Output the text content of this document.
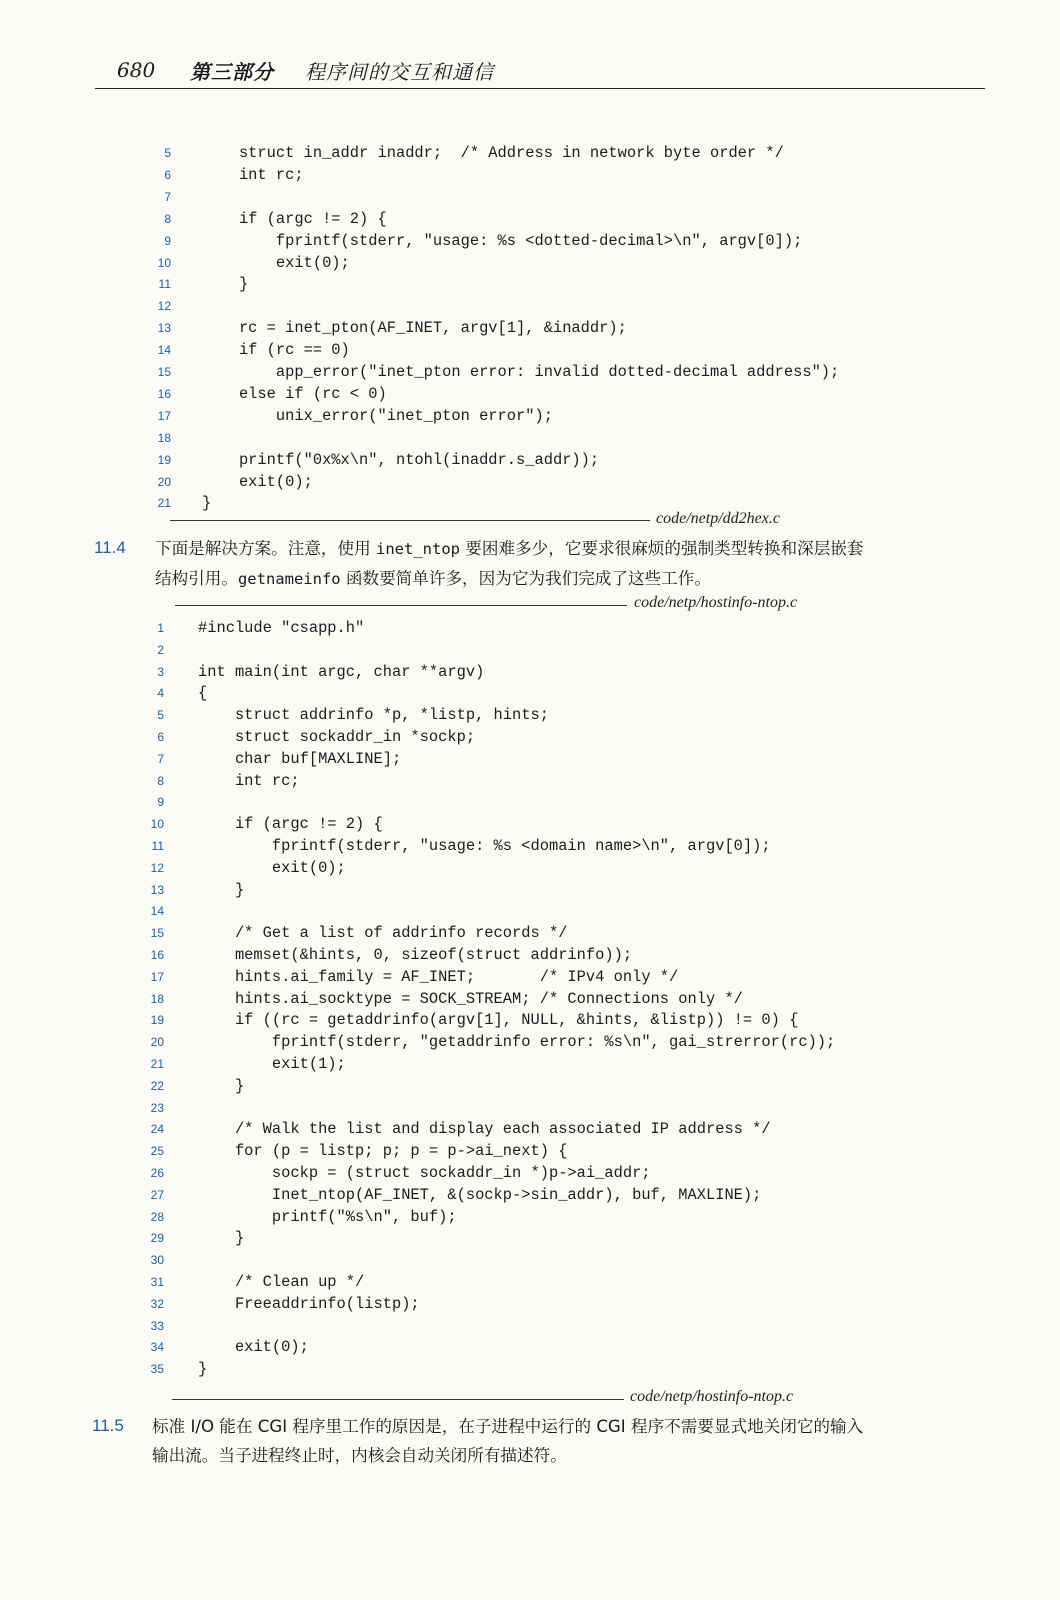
680 第三部分 程序间的交互和通信
5 struct in_addr inaddr;  /* Address in network byte order */
6 int rc;
7
8 if (argc != 2) {
9 fprintf(stderr, "usage: %s <dotted-decimal>\n", argv[0]);
10 exit(0);
11 }
12
13 rc = inet_pton(AF_INET, argv[1], &inaddr);
14 if (rc == 0)
15 app_error("inet_pton error: invalid dotted-decimal address");
16 else if (rc < 0)
17 unix_error("inet_pton error");
18
19 printf("0x%x\n", ntohl(inaddr.s_addr));
20 exit(0);
21 }
code/netp/dd2hex.c
11.4 下面是解决方案。注意，使用 inet_ntop 要困难多少，它要求很麻烦的强制类型转换和深层嵌套
结构引用。getnameinfo 函数要简单许多，因为它为我们完成了这些工作。
code/netp/hostinfo-ntop.c
1 #include "csapp.h"
2
3 int main(int argc, char **argv)
4 {
5 struct addrinfo *p, *listp, hints;
6 struct sockaddr_in *sockp;
7 char buf[MAXLINE];
8 int rc;
9
10 if (argc != 2) {
11 fprintf(stderr, "usage: %s <domain name>\n", argv[0]);
12 exit(0);
13 }
14
15 /* Get a list of addrinfo records */
16 memset(&hints, 0, sizeof(struct addrinfo));
17 hints.ai_family = AF_INET;       /* IPv4 only */
18 hints.ai_socktype = SOCK_STREAM; /* Connections only */
19 if ((rc = getaddrinfo(argv[1], NULL, &hints, &listp)) != 0) {
20 fprintf(stderr, "getaddrinfo error: %s\n", gai_strerror(rc));
21 exit(1);
22 }
23
24 /* Walk the list and display each associated IP address */
25 for (p = listp; p; p = p->ai_next) {
26 sockp = (struct sockaddr_in *)p->ai_addr;
27 Inet_ntop(AF_INET, &(sockp->sin_addr), buf, MAXLINE);
28 printf("%s\n", buf);
29 }
30
31 /* Clean up */
32 Freeaddrinfo(listp);
33
34 exit(0);
35 }
code/netp/hostinfo-ntop.c
11.5 标准 I/O 能在 CGI 程序里工作的原因是，在子进程中运行的 CGI 程序不需要显式地关闭它的输入
输出流。当子进程终止时，内核会自动关闭所有描述符。
